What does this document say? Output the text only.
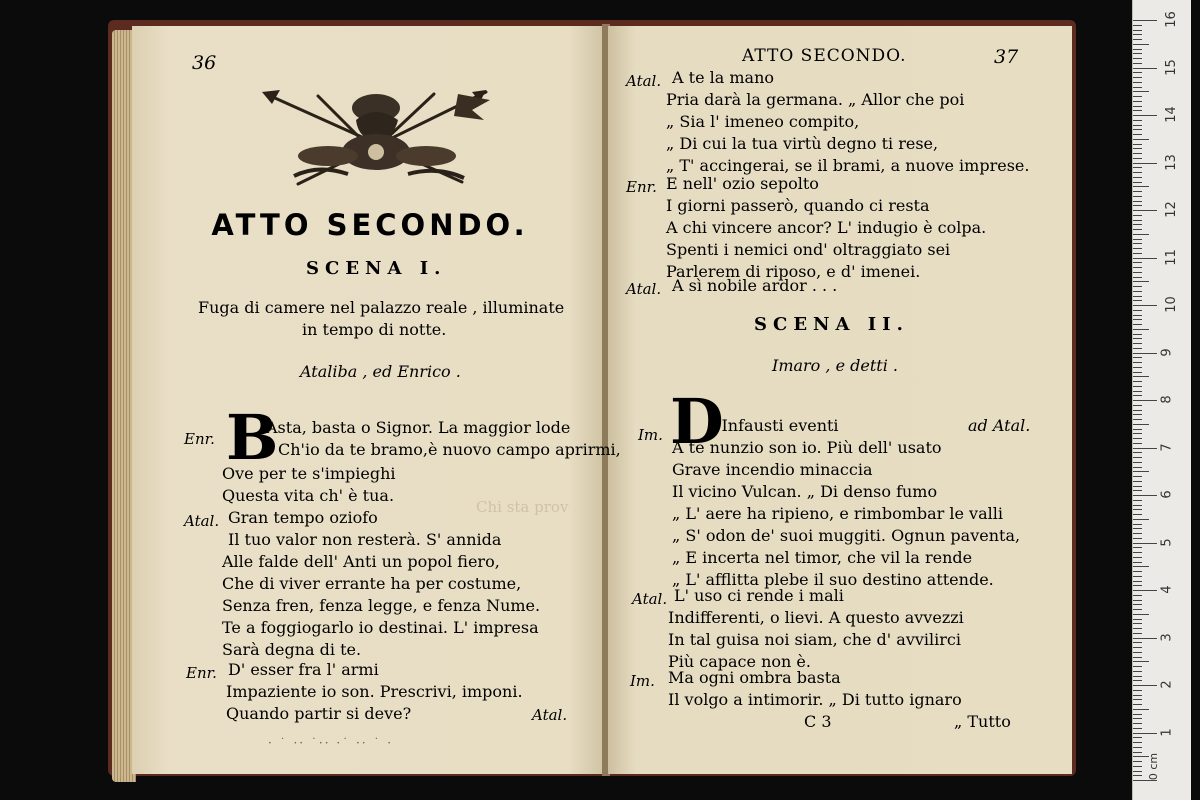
36
ATTO SECONDO.
SCENA I.
Fuga di camere nel palazzo reale , illuminate
in tempo di notte.
Ataliba , ed Enrico .
Chi sta prov
Enr. B
Asta, basta o Signor. La maggior lode
Ch'io da te bramo,è nuovo campo aprirmi,
Ove per te s'impieghi
Questa vita ch' è tua.
Atal. Gran tempo oziofo
Il tuo valor non resterà. S' annida
Alle falde dell' Anti un popol fiero,
Che di viver errante ha per costume,
Senza fren, fenza legge, e fenza Nume.
Te a foggiogarlo io destinai. L' impresa
Sarà degna di te.
Enr. D' esser fra l' armi
Impaziente io son. Prescrivi, imponi.
Quando partir si deve?	Atal.
· ˙ ·· ˙·· ·˙ ·· ˙ ·
ATTO SECONDO.	37
Atal. A te la mano
Pria darà la germana. „ Allor che poi
„ Sia l' imeneo compito,
„ Di cui la tua virtù degno ti rese,
„ T' accingerai, se il brami, a nuove imprese.
Enr. E nell' ozio sepolto
I giorni passerò, quando ci resta
A chi vincere ancor? L' indugio è colpa.
Spenti i nemici ond' oltraggiato sei
Parlerem di riposo, e d' imenei.
Atal. A sì nobile ardor . . .
SCENA II.
Imaro , e detti .
Im. D
' Infausti eventi	ad Atal.
A te nunzio son io. Più dell' usato
Grave incendio minaccia
Il vicino Vulcan. „ Di denso fumo
„ L' aere ha ripieno, e rimbombar le valli
„ S' odon de' suoi muggiti. Ognun paventa,
„ E incerta nel timor, che vil la rende
„ L' afflitta plebe il suo destino attende.
Atal. L' uso ci rende i mali
Indifferenti, o lievi. A questo avvezzi
In tal guisa noi siam, che d' avvilirci
Più capace non è.
Im. Ma ogni ombra basta
Il volgo a intimorir. „ Di tutto ignaro
C 3	„ Tutto
1
2
3
4
5
6
7
8
9
10
11
12
13
14
15
16
0 cm
